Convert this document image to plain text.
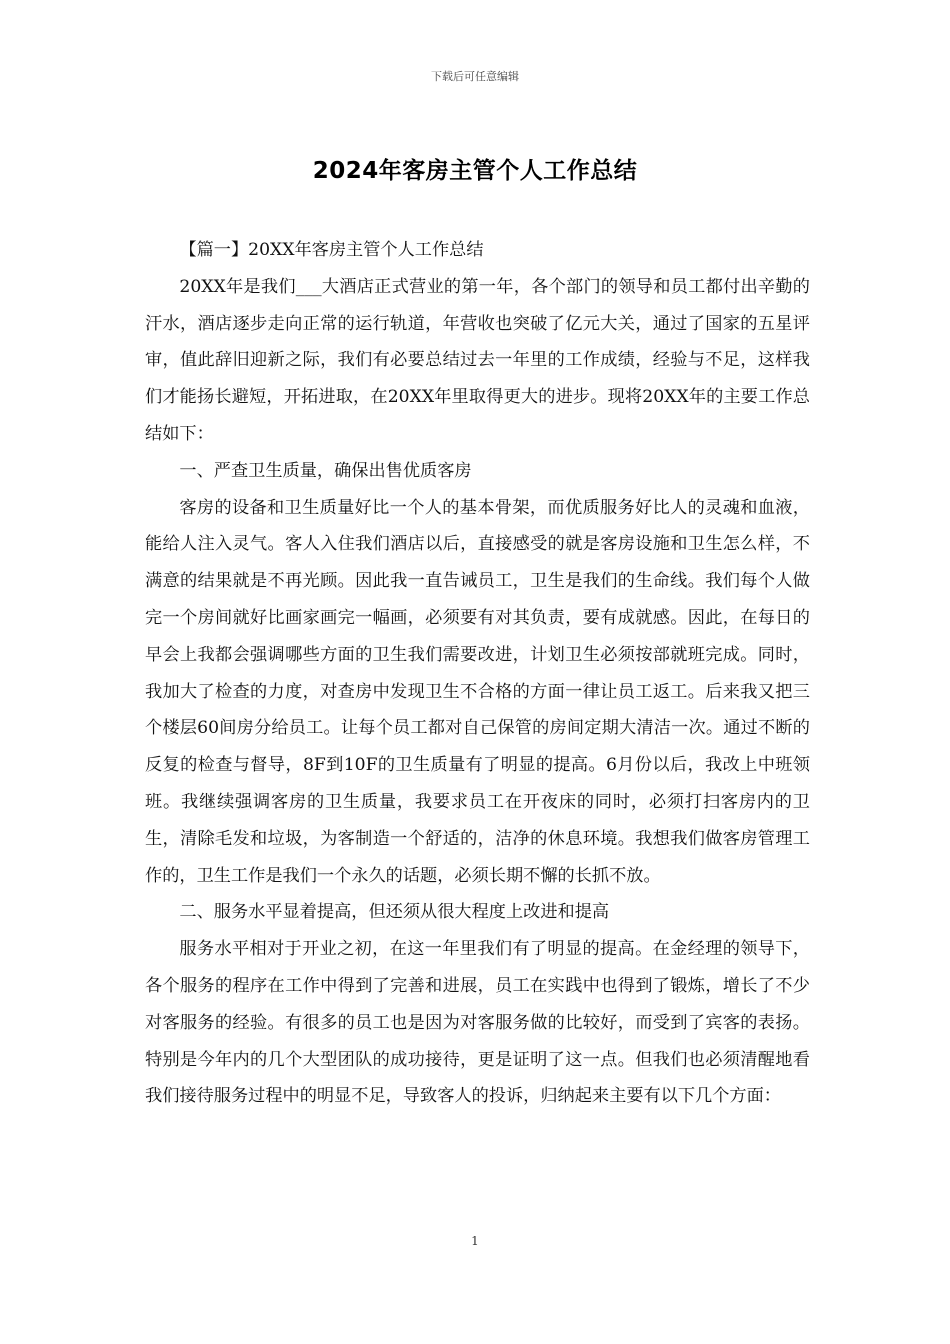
下载后可任意编辑
2024年客房主管个人工作总结

【篇一】20XX年客房主管个人工作总结

20XX年是我们___大酒店正式营业的第一年，各个部门的领导和员工都付出辛勤的汗水，酒店逐步走向正常的运行轨道，年营收也突破了亿元大关，通过了国家的五星评审，值此辞旧迎新之际，我们有必要总结过去一年里的工作成绩，经验与不足，这样我们才能扬长避短，开拓进取，在20XX年里取得更大的进步。现将20XX年的主要工作总结如下：

一、严查卫生质量，确保出售优质客房

客房的设备和卫生质量好比一个人的基本骨架，而优质服务好比人的灵魂和血液，能给人注入灵气。客人入住我们酒店以后，直接感受的就是客房设施和卫生怎么样，不满意的结果就是不再光顾。因此我一直告诫员工，卫生是我们的生命线。我们每个人做完一个房间就好比画家画完一幅画，必须要有对其负责，要有成就感。因此，在每日的早会上我都会强调哪些方面的卫生我们需要改进，计划卫生必须按部就班完成。同时，我加大了检查的力度，对查房中发现卫生不合格的方面一律让员工返工。后来我又把三个楼层60间房分给员工。让每个员工都对自己保管的房间定期大清洁一次。通过不断的反复的检查与督导，8F到10F的卫生质量有了明显的提高。6月份以后，我改上中班领班。我继续强调客房的卫生质量，我要求员工在开夜床的同时，必须打扫客房内的卫生，清除毛发和垃圾，为客制造一个舒适的，洁净的休息环境。我想我们做客房管理工作的，卫生工作是我们一个永久的话题，必须长期不懈的长抓不放。

二、服务水平显着提高，但还须从很大程度上改进和提高

服务水平相对于开业之初，在这一年里我们有了明显的提高。在金经理的领导下，各个服务的程序在工作中得到了完善和进展，员工在实践中也得到了锻炼，增长了不少对客服务的经验。有很多的员工也是因为对客服务做的比较好，而受到了宾客的表扬。特别是今年内的几个大型团队的成功接待，更是证明了这一点。但我们也必须清醒地看我们接待服务过程中的明显不足，导致客人的投诉，归纳起来主要有以下几个方面：

1
